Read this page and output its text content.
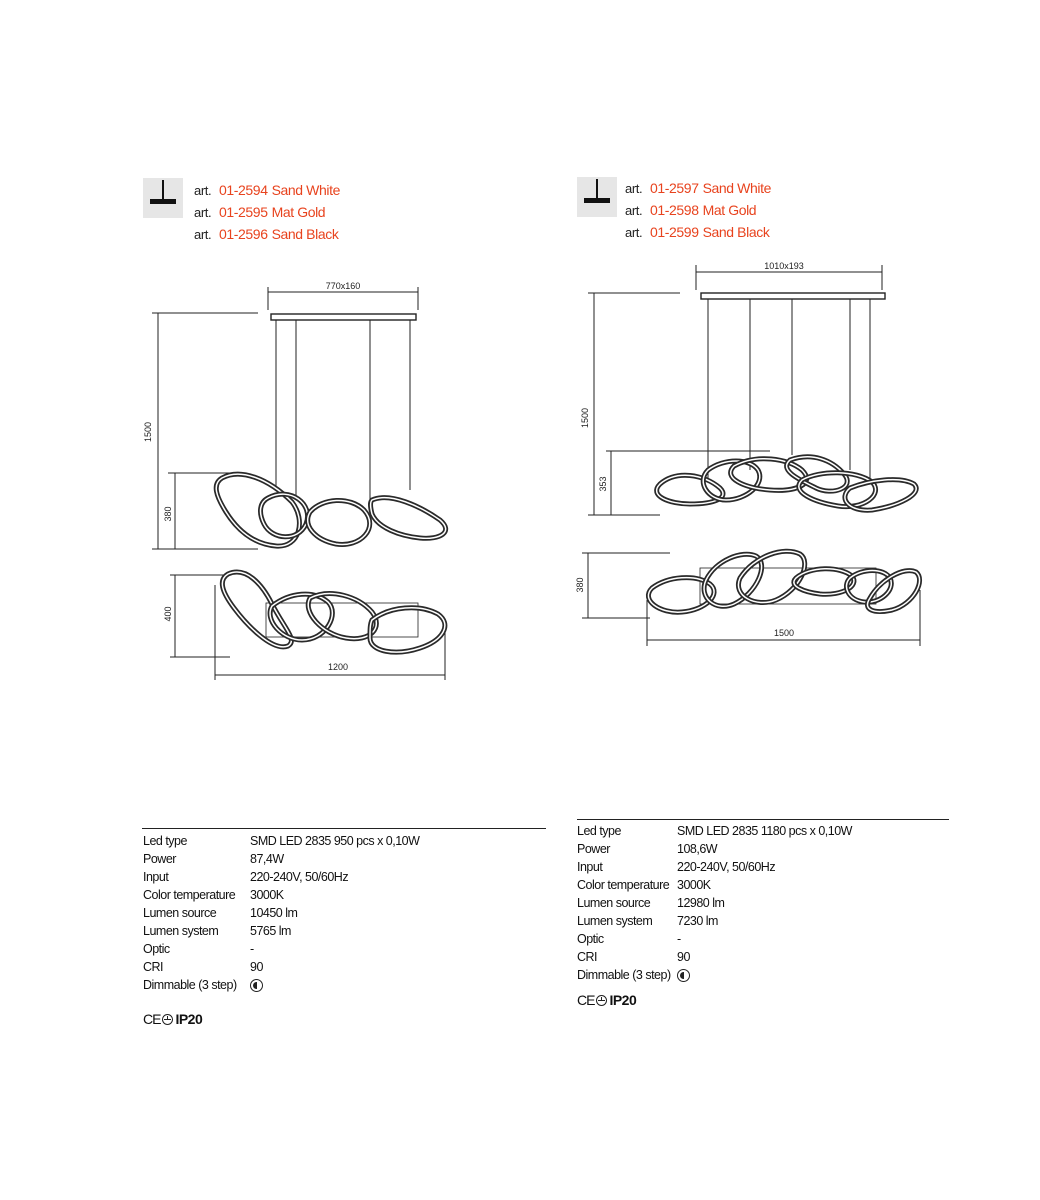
art. 01-2594 Sand White
art. 01-2595 Mat Gold
art. 01-2596 Sand Black
770x160
1500
380
400
1200
Led type	SMD LED 2835 950 pcs x 0,10W
Power	87,4W
Input	220-240V, 50/60Hz
Color temperature	3000K
Lumen source	10450 lm
Lumen system	5765 lm
Optic	-
CRI	90
Dimmable (3 step)	
CE IP20
art. 01-2597 Sand White
art. 01-2598 Mat Gold
art. 01-2599 Sand Black
1010x193
1500
353
380
1500
Led type	SMD LED 2835 1180 pcs x 0,10W
Power	108,6W
Input	220-240V, 50/60Hz
Color temperature	3000K
Lumen source	12980 lm
Lumen system	7230 lm
Optic	-
CRI	90
Dimmable (3 step)	
CE IP20
